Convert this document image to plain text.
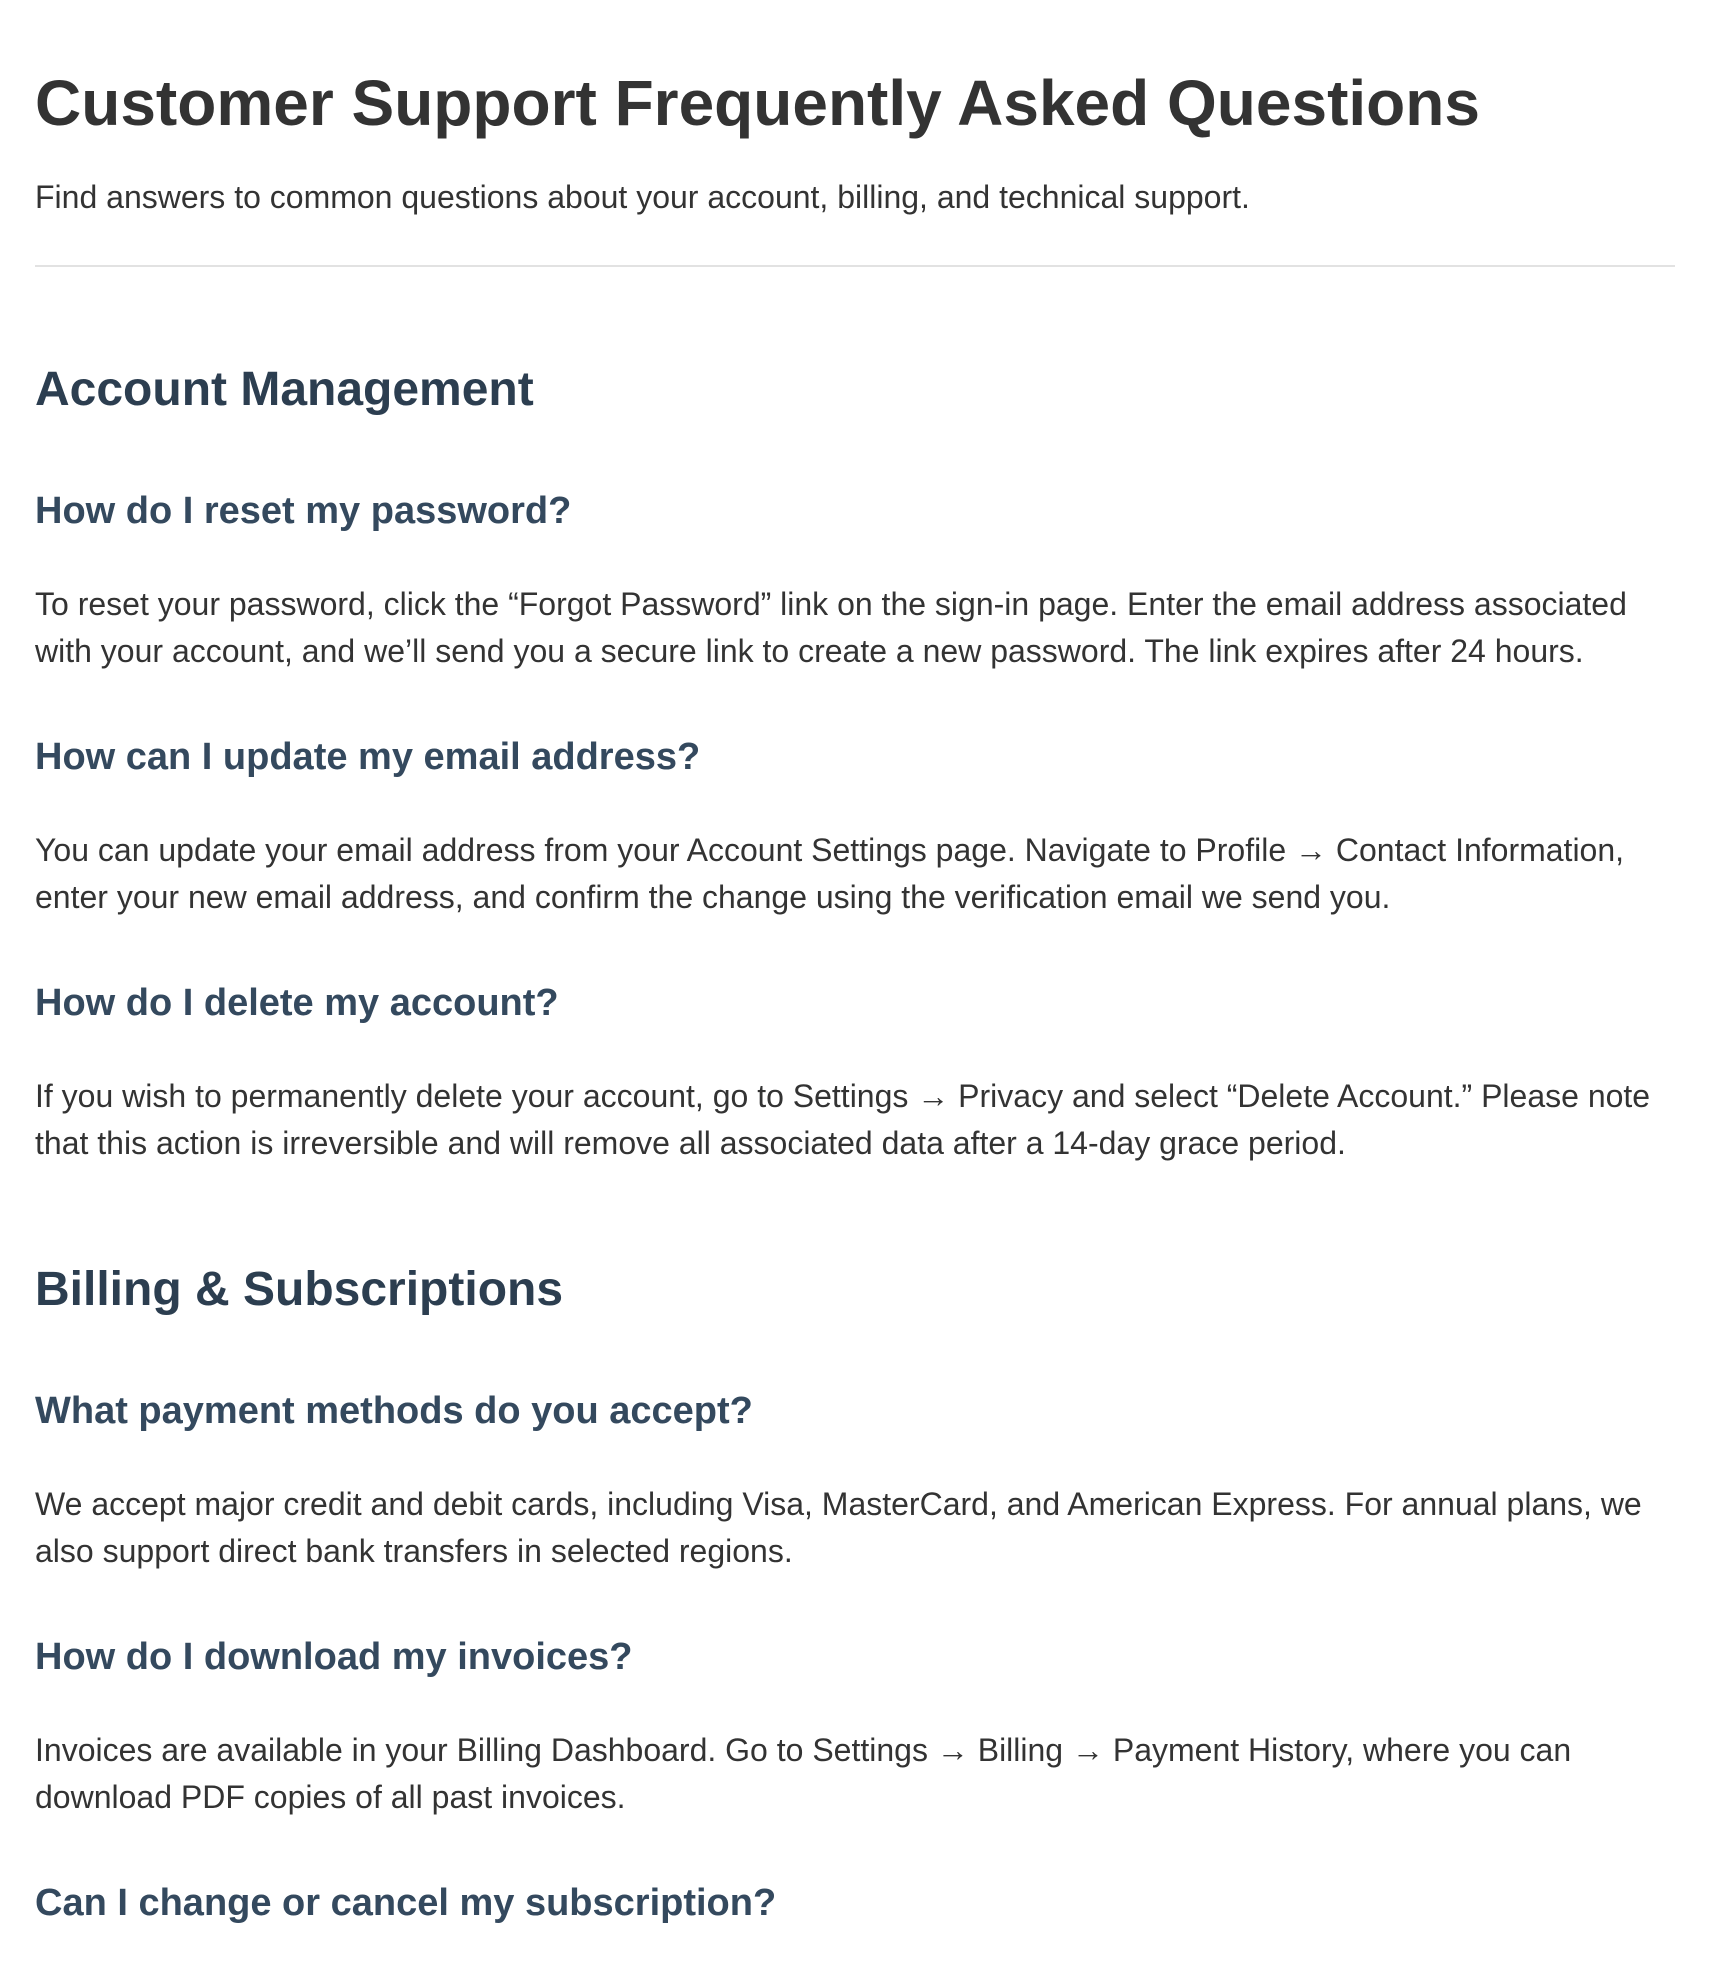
Customer Support Frequently Asked Questions

Find answers to common questions about your account, billing, and technical support.

Account Management
How do I reset my password?

To reset your password, click the “Forgot Password” link on the sign-in page. Enter the email address associated with your account, and we’ll send you a secure link to create a new password. The link expires after 24 hours.

How can I update my email address?

You can update your email address from your Account Settings page. Navigate to Profile → Contact Information, enter your new email address, and confirm the change using the verification email we send you.

How do I delete my account?

If you wish to permanently delete your account, go to Settings → Privacy and select “Delete Account.” Please note that this action is irreversible and will remove all associated data after a 14-day grace period.

Billing & Subscriptions
What payment methods do you accept?

We accept major credit and debit cards, including Visa, MasterCard, and American Express. For annual plans, we also support direct bank transfers in selected regions.

How do I download my invoices?

Invoices are available in your Billing Dashboard. Go to Settings → Billing → Payment History, where you can download PDF copies of all past invoices.

Can I change or cancel my subscription?
